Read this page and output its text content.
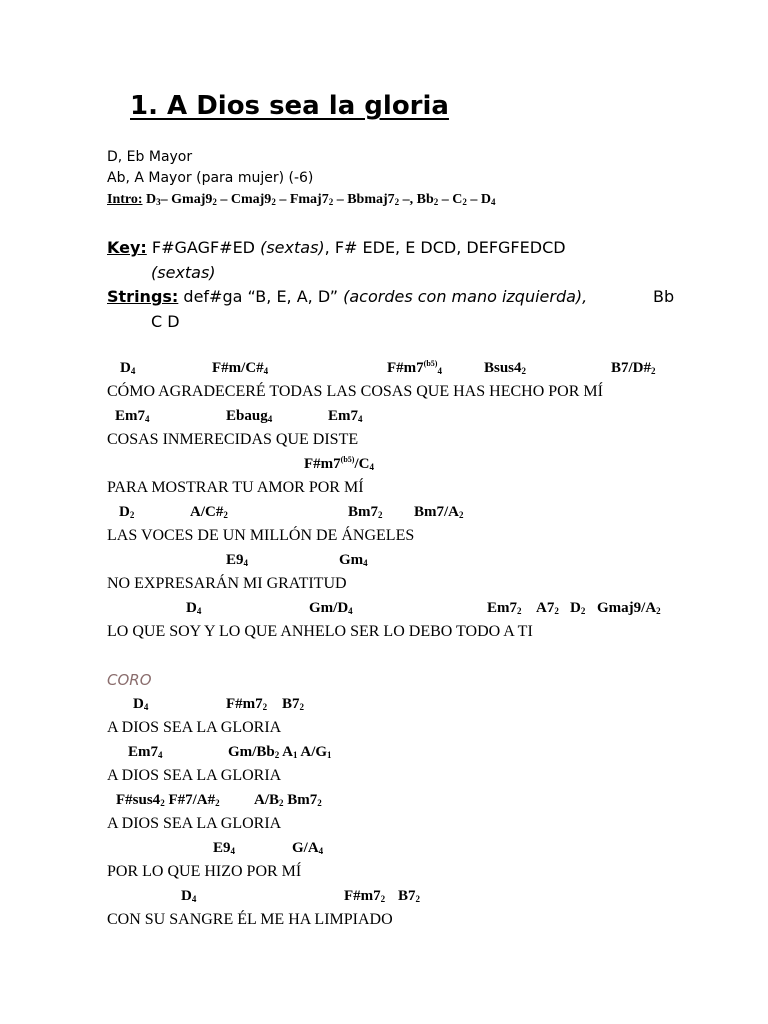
1. A Dios sea la gloria
D, Eb Mayor
Ab, A Mayor (para mujer) (-6)
Intro: $D_3-$ $Gmaj9_2$ – $Cmaj9_2$ – $Fmaj7_2$ – $Bbmaj7_2$ –, $Bb_2 - C_2 - D_4$
Key: F#GAGF#ED (sextas), F# EDE, E DCD, DEFGFEDCD
(sextas)
Strings: def#ga “B, E, A, D” (acordes con mano izquierda),	Bb
C D
CÓMO AGRADECERÉ TODAS LAS COSAS QUE HAS HECHO POR MÍ
COSAS INMERECIDAS QUE DISTE
PARA MOSTRAR TU AMOR POR MÍ
LAS VOCES DE UN MILLÓN DE ÁNGELES
NO EXPRESARÁN MI GRATITUD
LO QUE SOY Y LO QUE ANHELO SER LO DEBO TODO A TI
$D_4$	$F\#m/C\#_4$	$F\#m7^{(b5)}_4$	$Bsus4_2$	$B7/D\#_2$
$Em7_4$	Ebaug$_4$	$Em7_4$
$F\#m7^{(b5)}/C_4$
$D_2$	$A/C\#_2$	$Bm7_2$ $Bm7/A_2$
$E9_4$	$Gm_4$
$D_4$	$Gm/D_4$	$Em7_2$ $A7_2$ $D_2$ $Gmaj9/A_2$
CORO
A DIOS SEA LA GLORIA
A DIOS SEA LA GLORIA
A DIOS SEA LA GLORIA
POR LO QUE HIZO POR MÍ
CON SU SANGRE ÉL ME HA LIMPIADO
$D_4$	$F\#m7_2$ $B7_2$
$Em7_4$	$Gm/Bb_2$ $A_1$ $A/G_1$
$F\#sus4_2$ $F\#7/A\#_2$ $A/B_2$ $Bm7_2$
$E9_4$	$G/A_4$
$D_4$	$F\#m7_2$ $B7_2$
